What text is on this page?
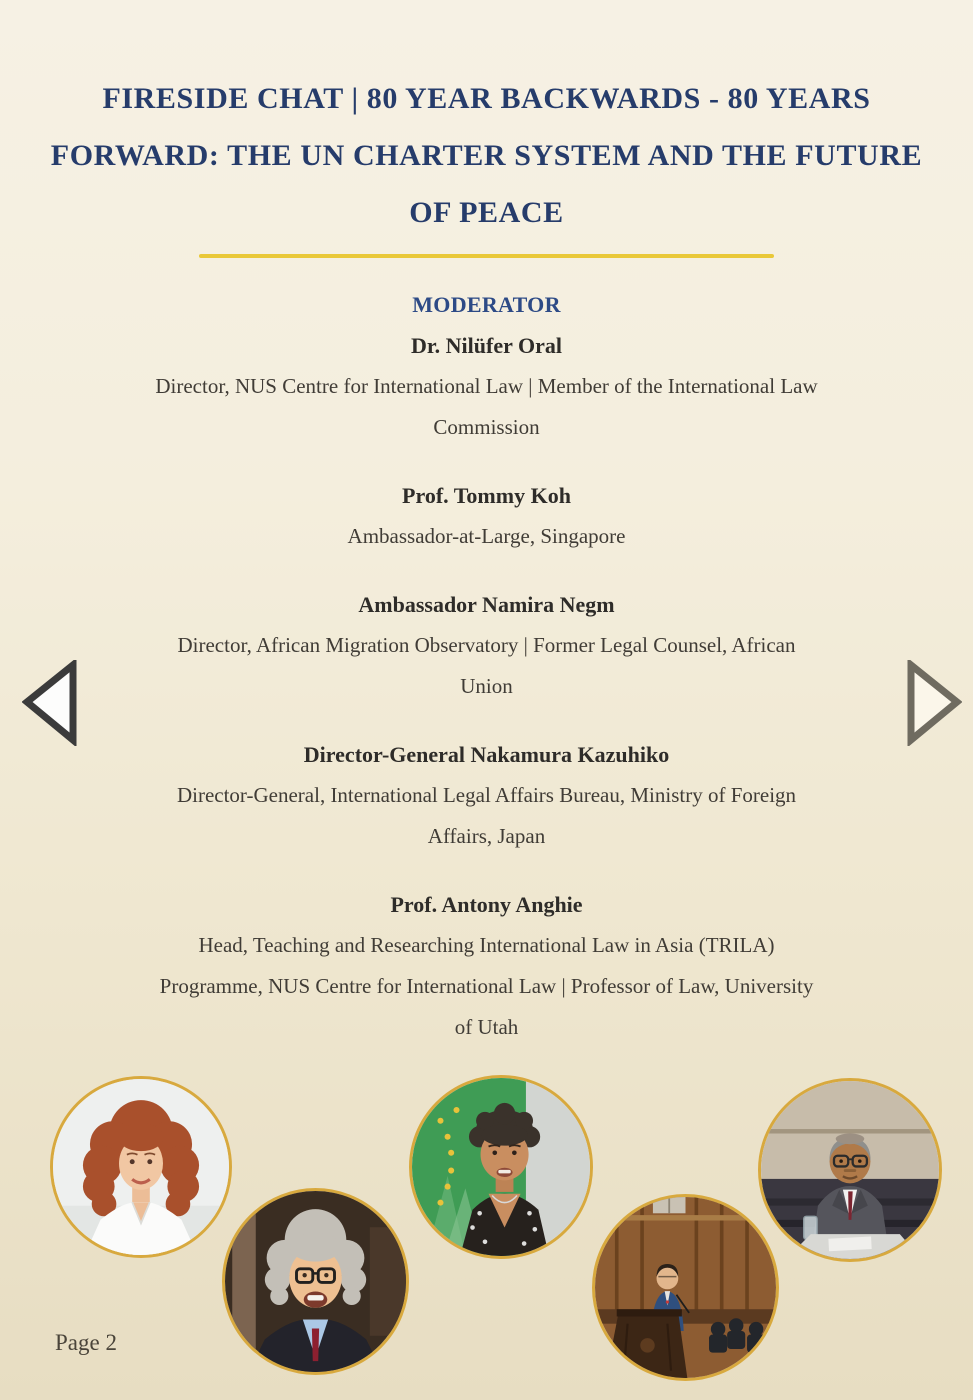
FIRESIDE CHAT | 80 YEAR BACKWARDS - 80 YEARS
FORWARD: THE UN CHARTER SYSTEM AND THE FUTURE
OF PEACE
MODERATOR
Dr. Nilüfer Oral
Director, NUS Centre for International Law | Member of the International Law
Commission
Prof. Tommy Koh
Ambassador-at-Large, Singapore
Ambassador Namira Negm
Director, African Migration Observatory | Former Legal Counsel, African
Union
Director-General Nakamura Kazuhiko
Director-General, International Legal Affairs Bureau, Ministry of Foreign
Affairs, Japan
Prof. Antony Anghie
Head, Teaching and Researching International Law in Asia (TRILA)
Programme, NUS Centre for International Law | Professor of Law, University
of Utah
Page 2
